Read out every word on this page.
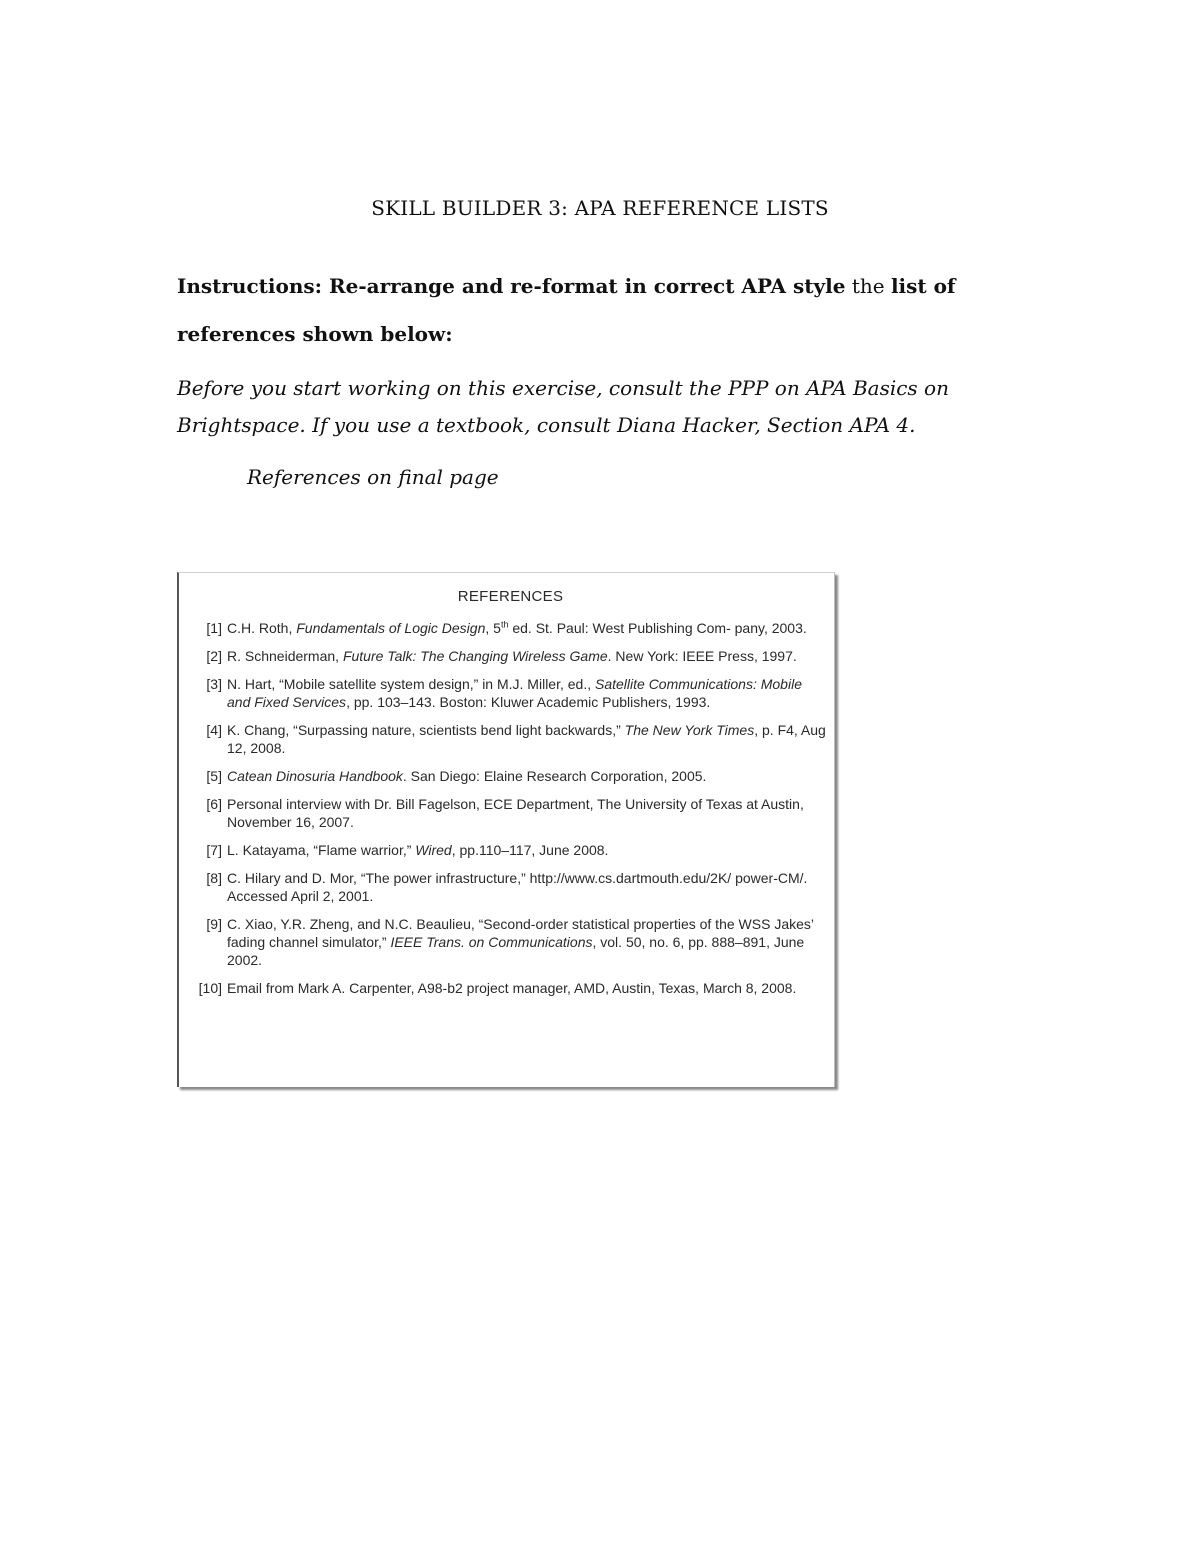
SKILL BUILDER 3: APA REFERENCE LISTS
Instructions: Re-arrange and re-format in correct APA style the list of references shown below:
Before you start working on this exercise, consult the PPP on APA Basics on
Brightspace. If you use a textbook, consult Diana Hacker, Section APA 4.
References on final page
REFERENCES
[1] C.H. Roth, Fundamentals of Logic Design, 5th ed. St. Paul: West Publishing Com- pany, 2003.
[2] R. Schneiderman, Future Talk: The Changing Wireless Game. New York: IEEE Press, 1997.
[3] N. Hart, “Mobile satellite system design,” in M.J. Miller, ed., Satellite Communications: Mobile and Fixed Services, pp. 103–143. Boston: Kluwer Academic Publishers, 1993.
[4] K. Chang, “Surpassing nature, scientists bend light backwards,” The New York Times, p. F4, Aug 12, 2008.
[5] Catean Dinosuria Handbook. San Diego: Elaine Research Corporation, 2005.
[6] Personal interview with Dr. Bill Fagelson, ECE Department, The University of Texas at Austin, November 16, 2007.
[7] L. Katayama, “Flame warrior,” Wired, pp.110–117, June 2008.
[8] C. Hilary and D. Mor, “The power infrastructure,” http://www.cs.dartmouth.edu/2K/ power-CM/. Accessed April 2, 2001.
[9] C. Xiao, Y.R. Zheng, and N.C. Beaulieu, “Second-order statistical properties of the WSS Jakes’ fading channel simulator,” IEEE Trans. on Communications, vol. 50, no. 6, pp. 888–891, June 2002.
[10] Email from Mark A. Carpenter, A98-b2 project manager, AMD, Austin, Texas, March 8, 2008.
